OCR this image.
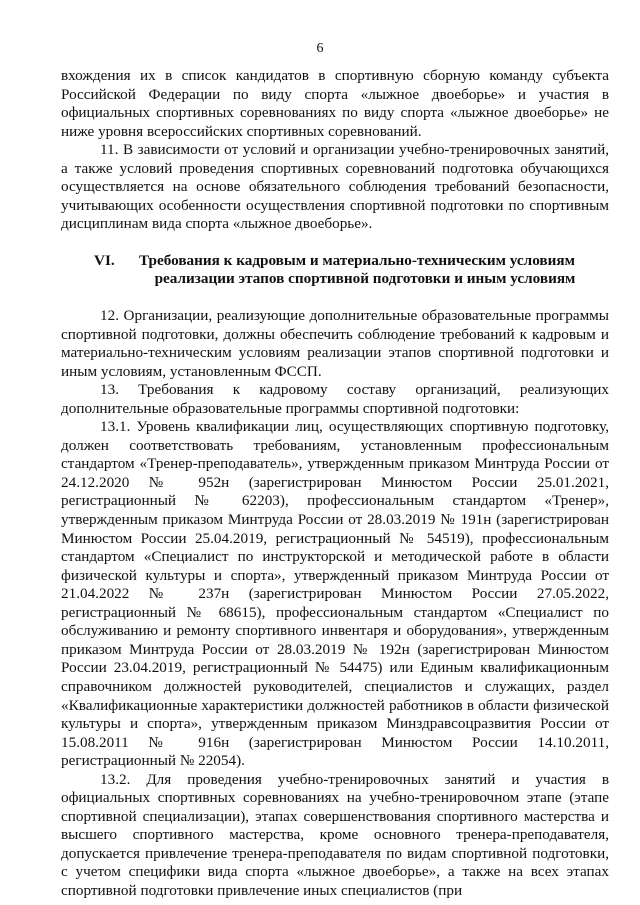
6

вхождения их в список кандидатов в спортивную сборную команду субъекта Российской Федерации по виду спорта «лыжное двоеборье» и участия в официальных спортивных соревнованиях по виду спорта «лыжное двоеборье» не ниже уровня всероссийских спортивных соревнований.

11. В зависимости от условий и организации учебно-тренировочных занятий, а также условий проведения спортивных соревнований подготовка обучающихся осуществляется на основе обязательного соблюдения требований безопасности, учитывающих особенности осуществления спортивной подготовки по спортивным дисциплинам вида спорта «лыжное двоеборье».

VI.	Требования к кадровым и материально-техническим условиям
реализации этапов спортивной подготовки и иным условиям

12. Организации, реализующие дополнительные образовательные программы спортивной подготовки, должны обеспечить соблюдение требований к кадровым и материально-техническим условиям реализации этапов спортивной подготовки и иным условиям, установленным ФССП.

13. Требования к кадровому составу организаций, реализующих дополнительные образовательные программы спортивной подготовки:

13.1. Уровень квалификации лиц, осуществляющих спортивную подготовку, должен соответствовать требованиям, установленным профессиональным стандартом «Тренер-преподаватель», утвержденным приказом Минтруда России от 24.12.2020 № 952н (зарегистрирован Минюстом России 25.01.2021, регистрационный № 62203), профессиональным стандартом «Тренер», утвержденным приказом Минтруда России от 28.03.2019 № 191н (зарегистрирован Минюстом России 25.04.2019, регистрационный № 54519), профессиональным стандартом «Специалист по инструкторской и методической работе в области физической культуры и спорта», утвержденный приказом Минтруда России от 21.04.2022 № 237н (зарегистрирован Минюстом России 27.05.2022, регистрационный № 68615), профессиональным стандартом «Специалист по обслуживанию и ремонту спортивного инвентаря и оборудования», утвержденным приказом Минтруда России от 28.03.2019 № 192н (зарегистрирован Минюстом России 23.04.2019, регистрационный № 54475) или Единым квалификационным справочником должностей руководителей, специалистов и служащих, раздел «Квалификационные характеристики должностей работников в области физической культуры и спорта», утвержденным приказом Минздравсоцразвития России от 15.08.2011 № 916н (зарегистрирован Минюстом России 14.10.2011, регистрационный № 22054).

13.2. Для проведения учебно-тренировочных занятий и участия в официальных спортивных соревнованиях на учебно-тренировочном этапе (этапе спортивной специализации), этапах совершенствования спортивного мастерства и высшего спортивного мастерства, кроме основного тренера-преподавателя, допускается привлечение тренера-преподавателя по видам спортивной подготовки, с учетом специфики вида спорта «лыжное двоеборье», а также на всех этапах спортивной подготовки привлечение иных специалистов (при
